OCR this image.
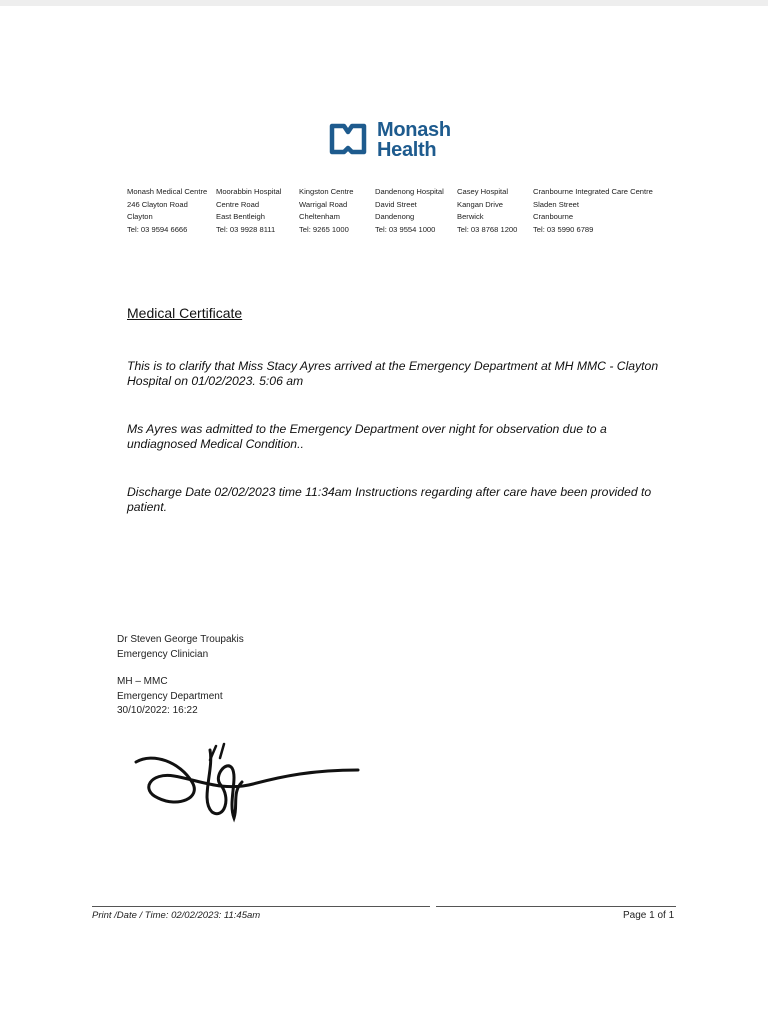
Monash
Health
Monash Medical Centre
246 Clayton Road
Clayton
Tel: 03 9594 6666
Moorabbin Hospital
Centre Road
East Bentleigh
Tel: 03 9928 8111
Kingston Centre
Warrigal Road
Cheltenham
Tel: 9265 1000
Dandenong Hospital
David Street
Dandenong
Tel: 03 9554 1000
Casey Hospital
Kangan Drive
Berwick
Tel: 03 8768 1200
Cranbourne Integrated Care Centre
Sladen Street
Cranbourne
Tel: 03 5990 6789
Medical Certificate
This is to clarify that Miss Stacy Ayres arrived at the Emergency Department at MH MMC - Clayton Hospital on 01/02/2023. 5:06 am
Ms Ayres was admitted to the Emergency Department over night for observation due to a undiagnosed Medical Condition..
Discharge Date 02/02/2023 time 11:34am Instructions regarding after care have been provided to patient.
Dr Steven George Troupakis
Emergency Clinician
MH – MMC
Emergency Department
30/10/2022: 16:22
Print /Date / Time: 02/02/2023: 11:45am	Page 1 of 1
